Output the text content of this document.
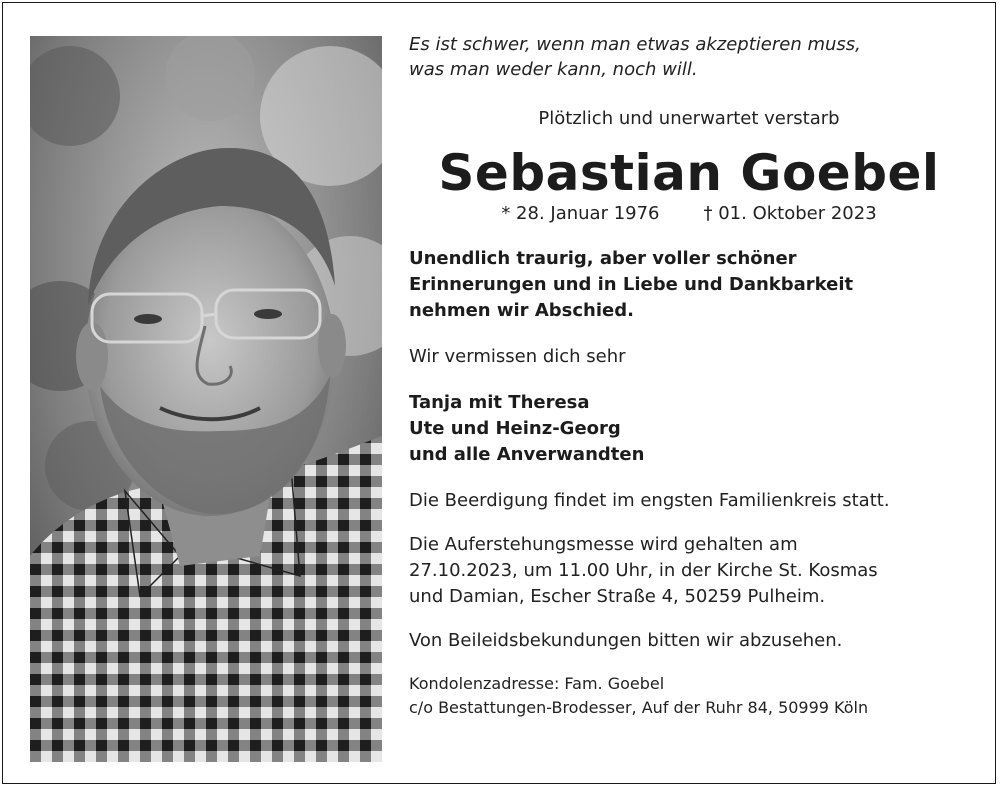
Es ist schwer, wenn man etwas akzeptieren muss,
was man weder kann, noch will.
Plötzlich und unerwartet verstarb
Sebastian Goebel
* 28. Januar 1976 † 01. Oktober 2023
Unendlich traurig, aber voller schöner
Erinnerungen und in Liebe und Dankbarkeit
nehmen wir Abschied.
Wir vermissen dich sehr
Tanja mit Theresa
Ute und Heinz-Georg
und alle Anverwandten
Die Beerdigung findet im engsten Familienkreis statt.
Die Auferstehungsmesse wird gehalten am
27.10.2023, um 11.00 Uhr, in der Kirche St. Kosmas
und Damian, Escher Straße 4, 50259 Pulheim.
Von Beileidsbekundungen bitten wir abzusehen.
Kondolenzadresse: Fam. Goebel
c/o Bestattungen-Brodesser, Auf der Ruhr 84, 50999 Köln
